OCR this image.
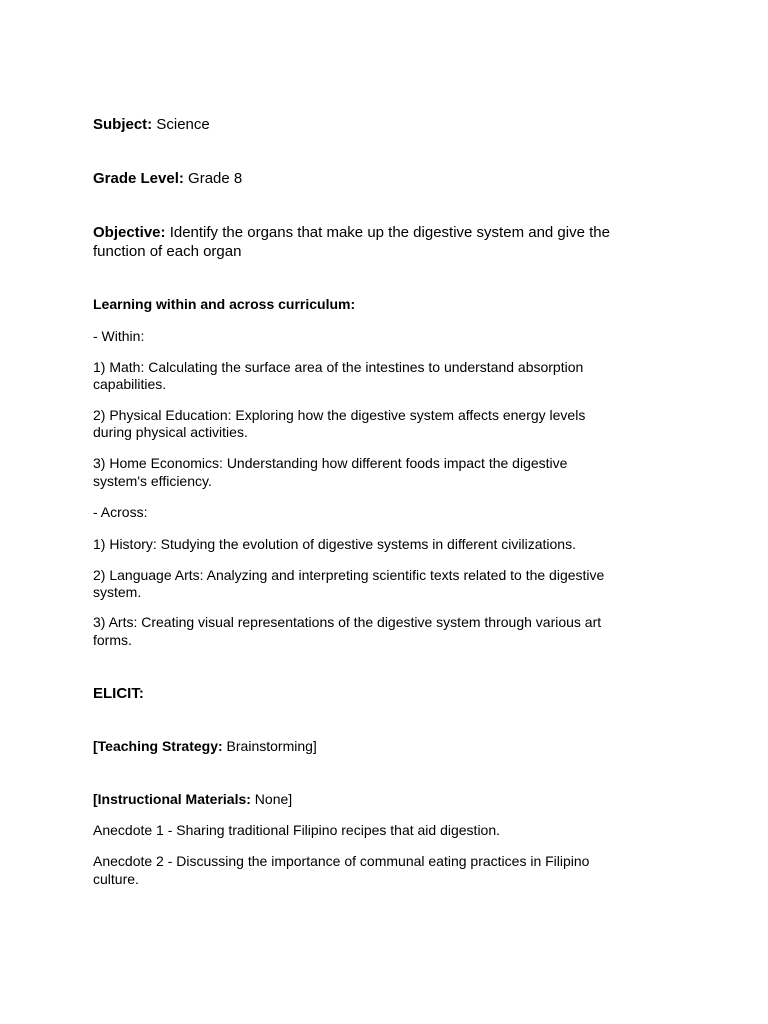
Subject: Science
Grade Level: Grade 8
Objective: Identify the organs that make up the digestive system and give the
function of each organ
Learning within and across curriculum:
- Within:
1) Math: Calculating the surface area of the intestines to understand absorption
capabilities.
2) Physical Education: Exploring how the digestive system affects energy levels
during physical activities.
3) Home Economics: Understanding how different foods impact the digestive
system's efficiency.
- Across:
1) History: Studying the evolution of digestive systems in different civilizations.
2) Language Arts: Analyzing and interpreting scientific texts related to the digestive
system.
3) Arts: Creating visual representations of the digestive system through various art
forms.
ELICIT:
[Teaching Strategy: Brainstorming]
[Instructional Materials: None]
Anecdote 1 - Sharing traditional Filipino recipes that aid digestion.
Anecdote 2 - Discussing the importance of communal eating practices in Filipino
culture.
